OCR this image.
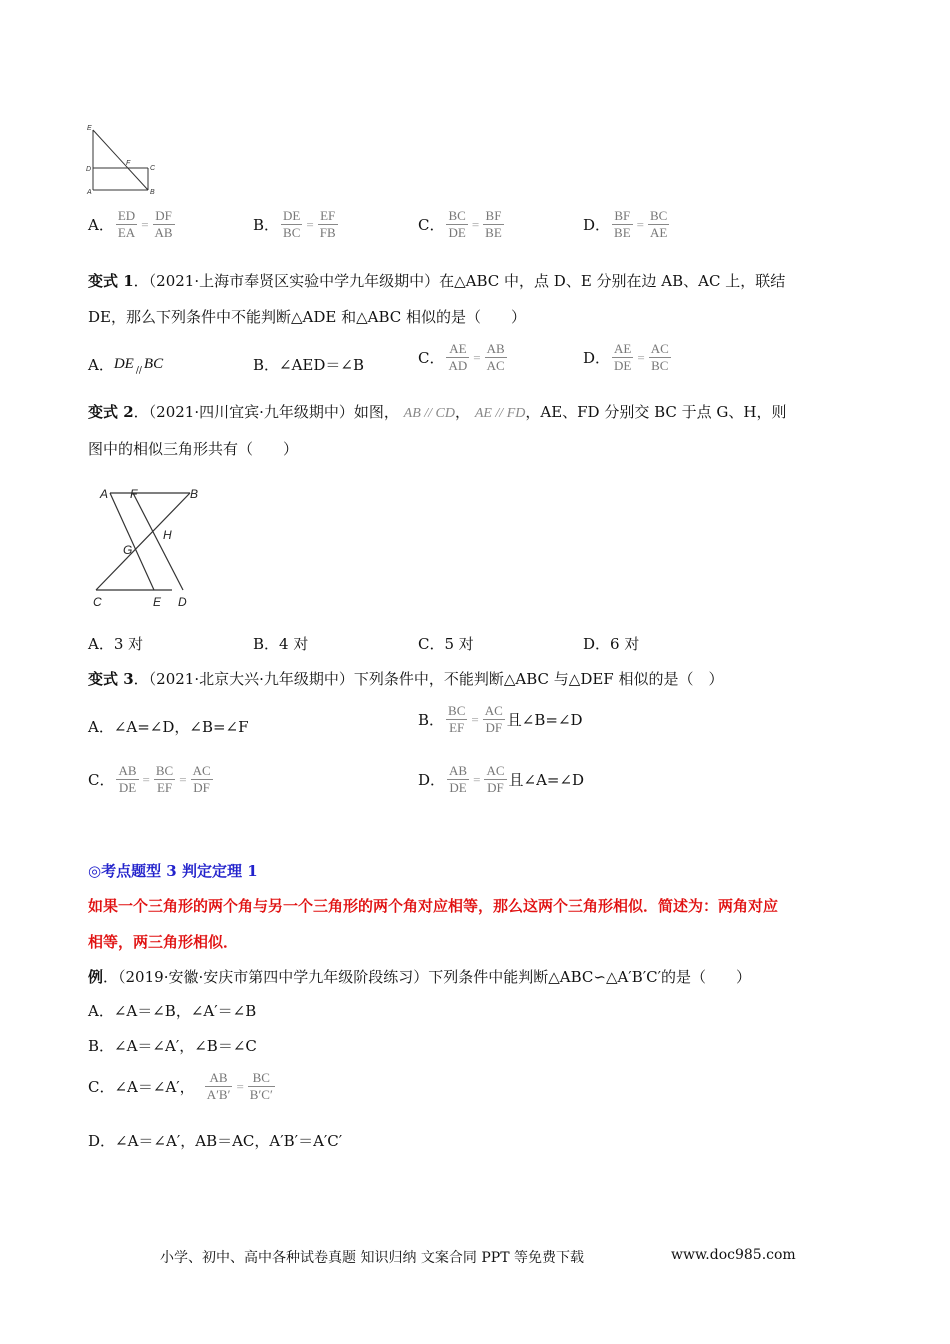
E
D
F
C
A	B
A． $\frac{ED}{EA} = \frac{DF}{AB}$	B． $\frac{DE}{BC} = \frac{EF}{FB}$	C． $\frac{BC}{DE} = \frac{BF}{BE}$	D． $\frac{BF}{BE} = \frac{BC}{AE}$
变式 1．（2021·上海市奉贤区实验中学九年级期中）在△ABC 中，点 D、E 分别在边 AB、AC 上，联结
DE，那么下列条件中不能判断△ADE 和△ABC 相似的是（　　）
A． DE // BC	B． ∠AED＝∠B	C． $\frac{AE}{AD} = \frac{AB}{AC}$	D． $\frac{AE}{DE} = \frac{AC}{BC}$
变式 2．（2021·四川宜宾·九年级期中）如图， AB // CD， AE // FD，AE、FD 分别交 BC 于点 G、H，则
图中的相似三角形共有（　　）
A F	B
H
G
C	E D
A．3 对	B．4 对	C．5 对	D．6 对
变式 3．（2021·北京大兴·九年级期中）下列条件中，不能判断△ABC 与△DEF 相似的是（　）
A．∠A=∠D，∠B=∠F	B． $\frac{BC}{EF} = \frac{AC}{DF}$ 且∠B=∠D
C． $\frac{AB}{DE} = \frac{BC}{EF} = \frac{AC}{DF}$	D． $\frac{AB}{DE} = \frac{AC}{DF}$ 且∠A=∠D
◎考点题型 3 判定定理 1
如果一个三角形的两个角与另一个三角形的两个角对应相等，那么这两个三角形相似．简述为：两角对应
相等，两三角形相似．
例．（2019·安徽·安庆市第四中学九年级阶段练习）下列条件中能判断△ABC∽△A′B′C′的是（　　）
A．∠A＝∠B，∠A′＝∠B
B．∠A＝∠A′，∠B＝∠C
C．∠A＝∠A′， $\frac{AB}{A'B'} = \frac{BC}{B'C'}$
D．∠A＝∠A′，AB＝AC，A′B′＝A′C′
小学、初中、高中各种试卷真题 知识归纳 文案合同 PPT 等免费下载	www.doc985.com
